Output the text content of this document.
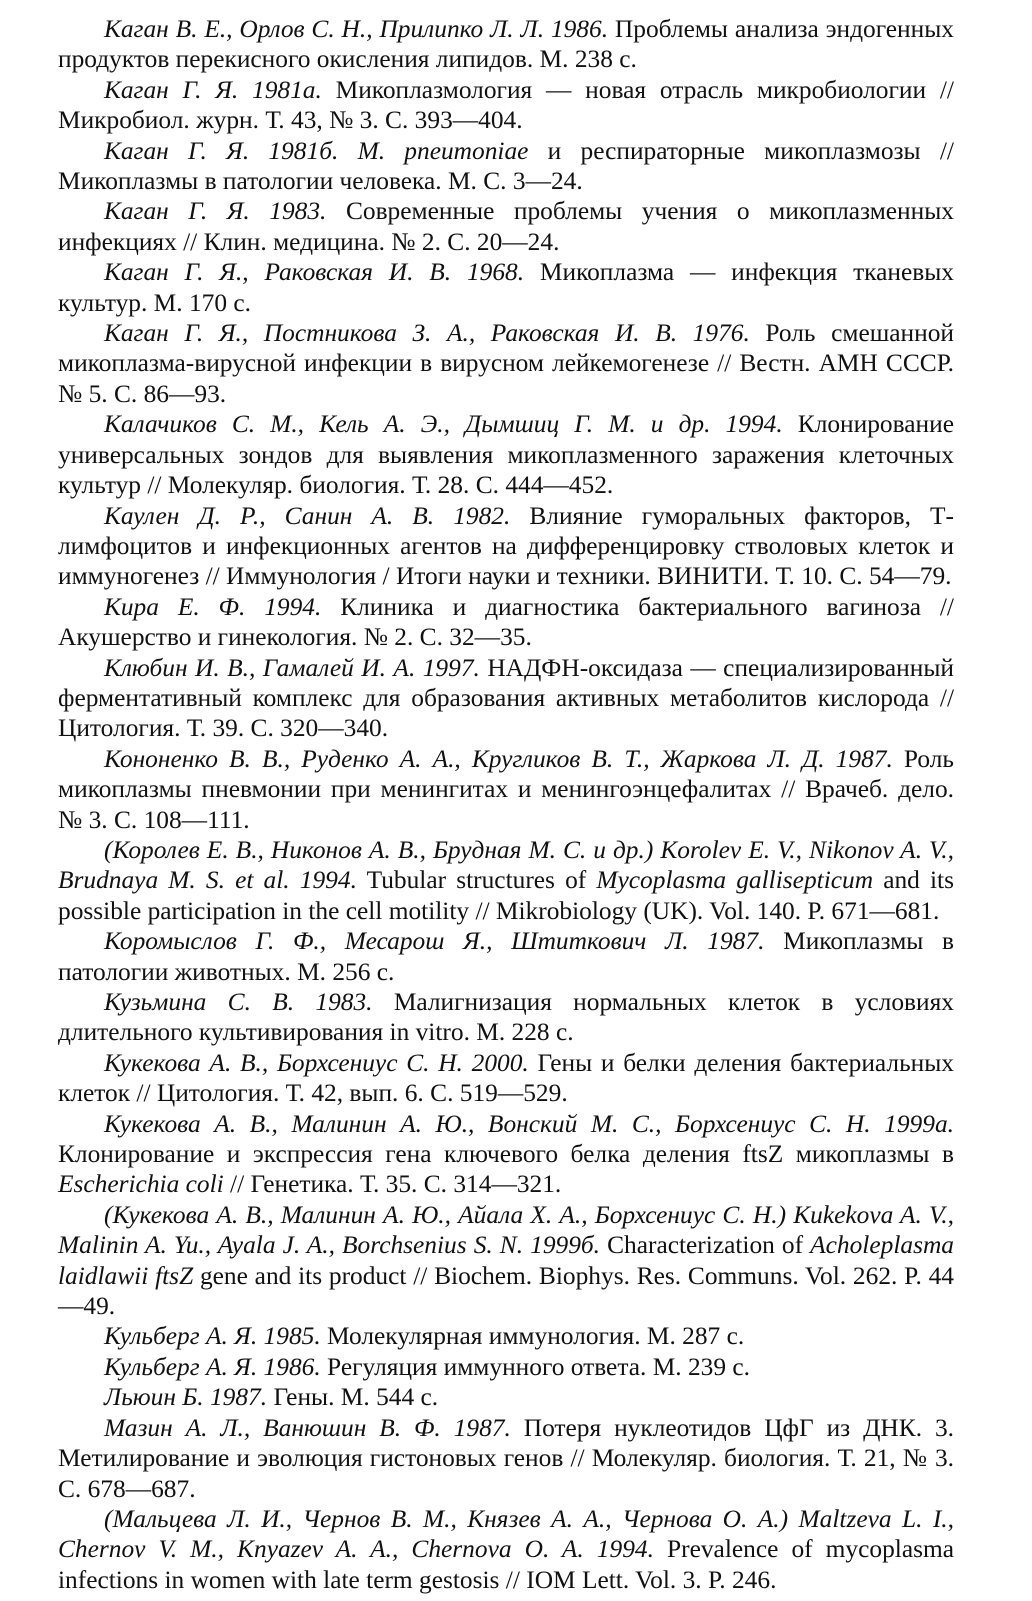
Каган В. Е., Орлов С. Н., Прилипко Л. Л. 1986. Проблемы анализа эндогенных продуктов перекисного окисления липидов. М. 238 с.

Каган Г. Я. 1981а. Микоплазмология — новая отрасль микробиологии // Микробиол. журн. Т. 43, № 3. С. 393—404.

Каган Г. Я. 1981б. M. pneumoniae и респираторные микоплазмозы // Микоплазмы в патологии человека. М. С. 3—24.

Каган Г. Я. 1983. Современные проблемы учения о микоплазменных инфекциях // Клин. медицина. № 2. С. 20—24.

Каган Г. Я., Раковская И. В. 1968. Микоплазма — инфекция тканевых культур. М. 170 с.

Каган Г. Я., Постникова З. А., Раковская И. В. 1976. Роль смешанной микоплазма-вирусной инфекции в вирусном лейкемогенезе // Вестн. АМН СССР. № 5. С. 86—93.

Калачиков С. М., Кель А. Э., Дымшиц Г. М. и др. 1994. Клонирование универсальных зондов для выявления микоплазменного заражения клеточных культур // Молекуляр. биология. Т. 28. С. 444—452.

Каулен Д. Р., Санин А. В. 1982. Влияние гуморальных факторов, Т-лимфоцитов и инфекционных агентов на дифференцировку стволовых клеток и иммуногенез // Иммунология / Итоги науки и техники. ВИНИТИ. Т. 10. С. 54—79.

Кира Е. Ф. 1994. Клиника и диагностика бактериального вагиноза // Акушерство и гинекология. № 2. С. 32—35.

Клюбин И. В., Гамалей И. А. 1997. НАДФН-оксидаза — специализированный ферментативный комплекс для образования активных метаболитов кислорода // Цитология. Т. 39. С. 320—340.

Кононенко В. В., Руденко А. А., Кругликов В. Т., Жаркова Л. Д. 1987. Роль микоплазмы пневмонии при менингитах и менингоэнцефалитах // Врачеб. дело. № 3. С. 108—111.

(Королев Е. В., Никонов А. В., Брудная М. С. и др.) Korolev E. V., Nikonov A. V., Brudnaya M. S. et al. 1994. Tubular structures of Mycoplasma gallisepticum and its possible participation in the cell motility // Mikrobiology (UK). Vol. 140. P. 671—681.

Коромыслов Г. Ф., Месарош Я., Штиткович Л. 1987. Микоплазмы в патологии животных. М. 256 с.

Кузьмина С. В. 1983. Малигнизация нормальных клеток в условиях длительного культивирования in vitro. М. 228 с.

Кукекова А. В., Борхсениус С. Н. 2000. Гены и белки деления бактериальных клеток // Цитология. Т. 42, вып. 6. С. 519—529.

Кукекова А. В., Малинин А. Ю., Вонский М. С., Борхсениус С. Н. 1999а. Клонирование и экспрессия гена ключевого белка деления ftsZ микоплазмы в Escherichia coli // Генетика. Т. 35. С. 314—321.

(Кукекова А. В., Малинин А. Ю., Айала Х. А., Борхсениус С. Н.) Kukekova A. V., Malinin A. Yu., Ayala J. A., Borchsenius S. N. 1999б. Characterization of Acholeplasma laidlawii ftsZ gene and its product // Biochem. Biophys. Res. Communs. Vol. 262. P. 44—49.

Кульберг А. Я. 1985. Молекулярная иммунология. М. 287 с.

Кульберг А. Я. 1986. Регуляция иммунного ответа. М. 239 с.

Льюин Б. 1987. Гены. М. 544 с.

Мазин А. Л., Ванюшин В. Ф. 1987. Потеря нуклеотидов ЦфГ из ДНК. 3. Метилирование и эволюция гистоновых генов // Молекуляр. биология. Т. 21, № 3. С. 678—687.

(Мальцева Л. И., Чернов В. М., Князев А. А., Чернова О. А.) Maltzeva L. I., Chernov V. M., Knyazev A. A., Chernova O. A. 1994. Prevalence of mycoplasma infections in women with late term gestosis // IOM Lett. Vol. 3. P. 246.
